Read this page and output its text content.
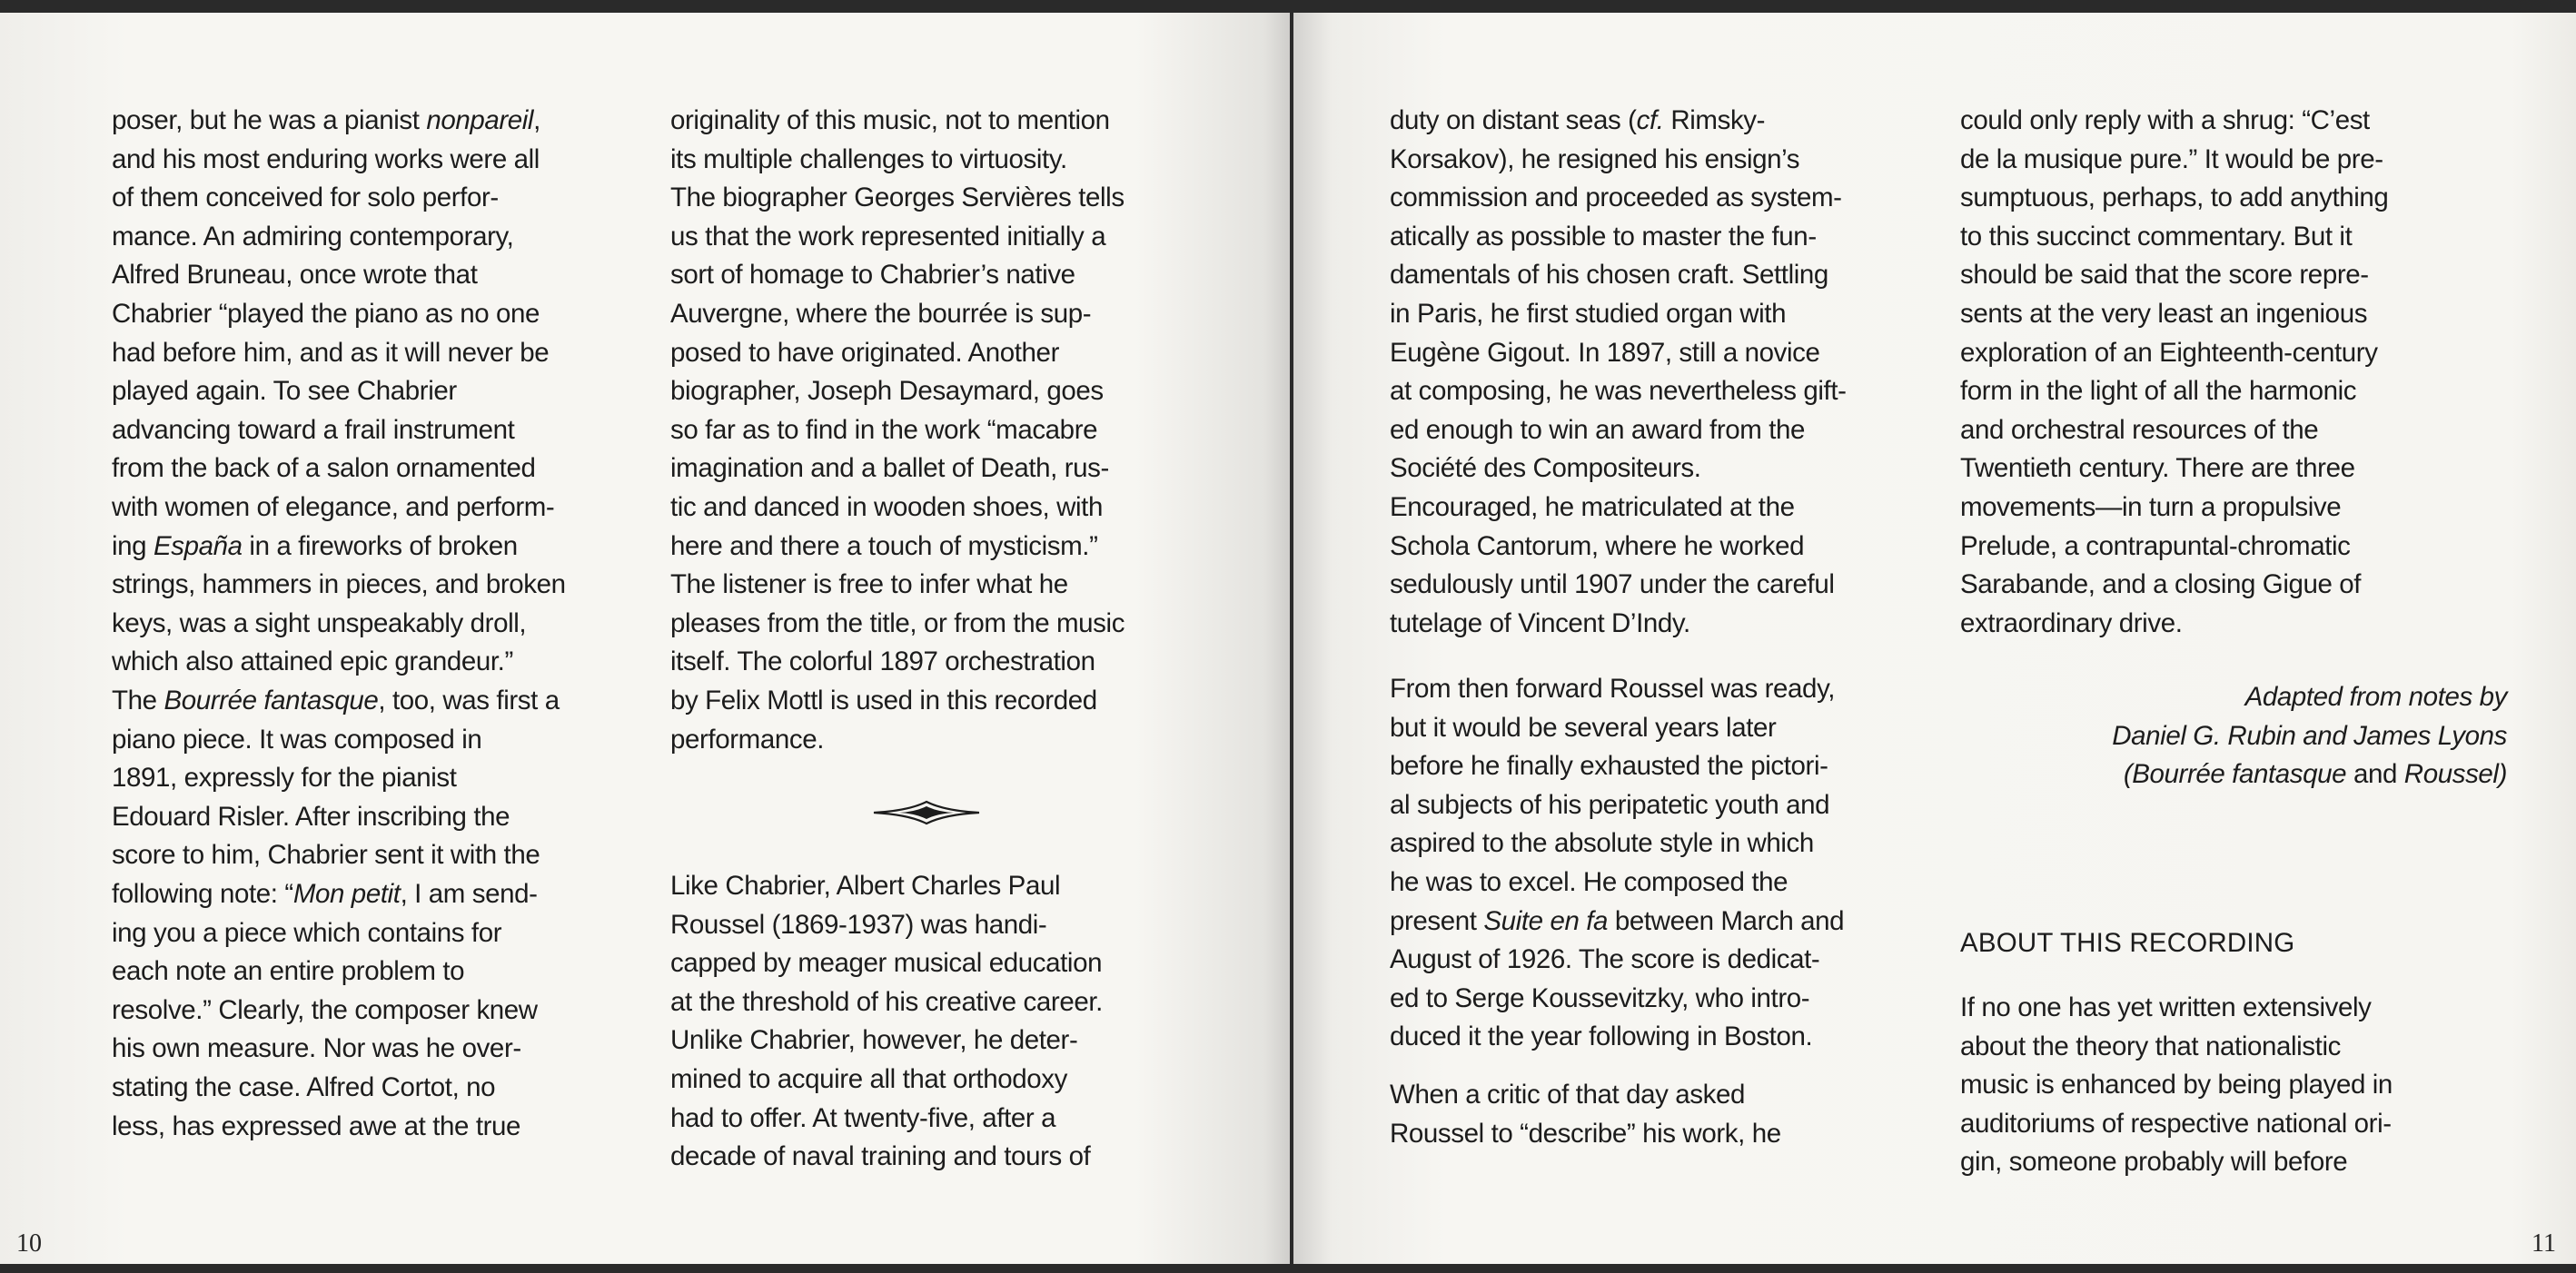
poser, but he was a pianist nonpareil,
and his most enduring works were all
of them conceived for solo perfor-
mance. An admiring contemporary,
Alfred Bruneau, once wrote that
Chabrier “played the piano as no one
had before him, and as it will never be
played again. To see Chabrier
advancing toward a frail instrument
from the back of a salon ornamented
with women of elegance, and perform-
ing España in a fireworks of broken
strings, hammers in pieces, and broken
keys, was a sight unspeakably droll,
which also attained epic grandeur.”
The Bourrée fantasque, too, was first a
piano piece. It was composed in
1891, expressly for the pianist
Edouard Risler. After inscribing the
score to him, Chabrier sent it with the
following note: “Mon petit, I am send-
ing you a piece which contains for
each note an entire problem to
resolve.” Clearly, the composer knew
his own measure. Nor was he over-
stating the case. Alfred Cortot, no
less, has expressed awe at the true
originality of this music, not to mention
its multiple challenges to virtuosity.
The biographer Georges Servières tells
us that the work represented initially a
sort of homage to Chabrier’s native
Auvergne, where the bourrée is sup-
posed to have originated. Another
biographer, Joseph Desaymard, goes
so far as to find in the work “macabre
imagination and a ballet of Death, rus-
tic and danced in wooden shoes, with
here and there a touch of mysticism.”
The listener is free to infer what he
pleases from the title, or from the music
itself. The colorful 1897 orchestration
by Felix Mottl is used in this recorded
performance.
Like Chabrier, Albert Charles Paul
Roussel (1869-1937) was handi-
capped by meager musical education
at the threshold of his creative career.
Unlike Chabrier, however, he deter-
mined to acquire all that orthodoxy
had to offer. At twenty-five, after a
decade of naval training and tours of
10
duty on distant seas (cf. Rimsky-
Korsakov), he resigned his ensign’s
commission and proceeded as system-
atically as possible to master the fun-
damentals of his chosen craft. Settling
in Paris, he first studied organ with
Eugène Gigout. In 1897, still a novice
at composing, he was nevertheless gift-
ed enough to win an award from the
Société des Compositeurs.
Encouraged, he matriculated at the
Schola Cantorum, where he worked
sedulously until 1907 under the careful
tutelage of Vincent D’Indy.
From then forward Roussel was ready,
but it would be several years later
before he finally exhausted the pictori-
al subjects of his peripatetic youth and
aspired to the absolute style in which
he was to excel. He composed the
present Suite en fa between March and
August of 1926. The score is dedicat-
ed to Serge Koussevitzky, who intro-
duced it the year following in Boston.
When a critic of that day asked
Roussel to “describe” his work, he
could only reply with a shrug: “C’est
de la musique pure.” It would be pre-
sumptuous, perhaps, to add anything
to this succinct commentary. But it
should be said that the score repre-
sents at the very least an ingenious
exploration of an Eighteenth-century
form in the light of all the harmonic
and orchestral resources of the
Twentieth century. There are three
movements—in turn a propulsive
Prelude, a contrapuntal-chromatic
Sarabande, and a closing Gigue of
extraordinary drive.
Adapted from notes by
Daniel G. Rubin and James Lyons
(Bourrée fantasque and Roussel)
ABOUT THIS RECORDING
If no one has yet written extensively
about the theory that nationalistic
music is enhanced by being played in
auditoriums of respective national ori-
gin, someone probably will before
11
